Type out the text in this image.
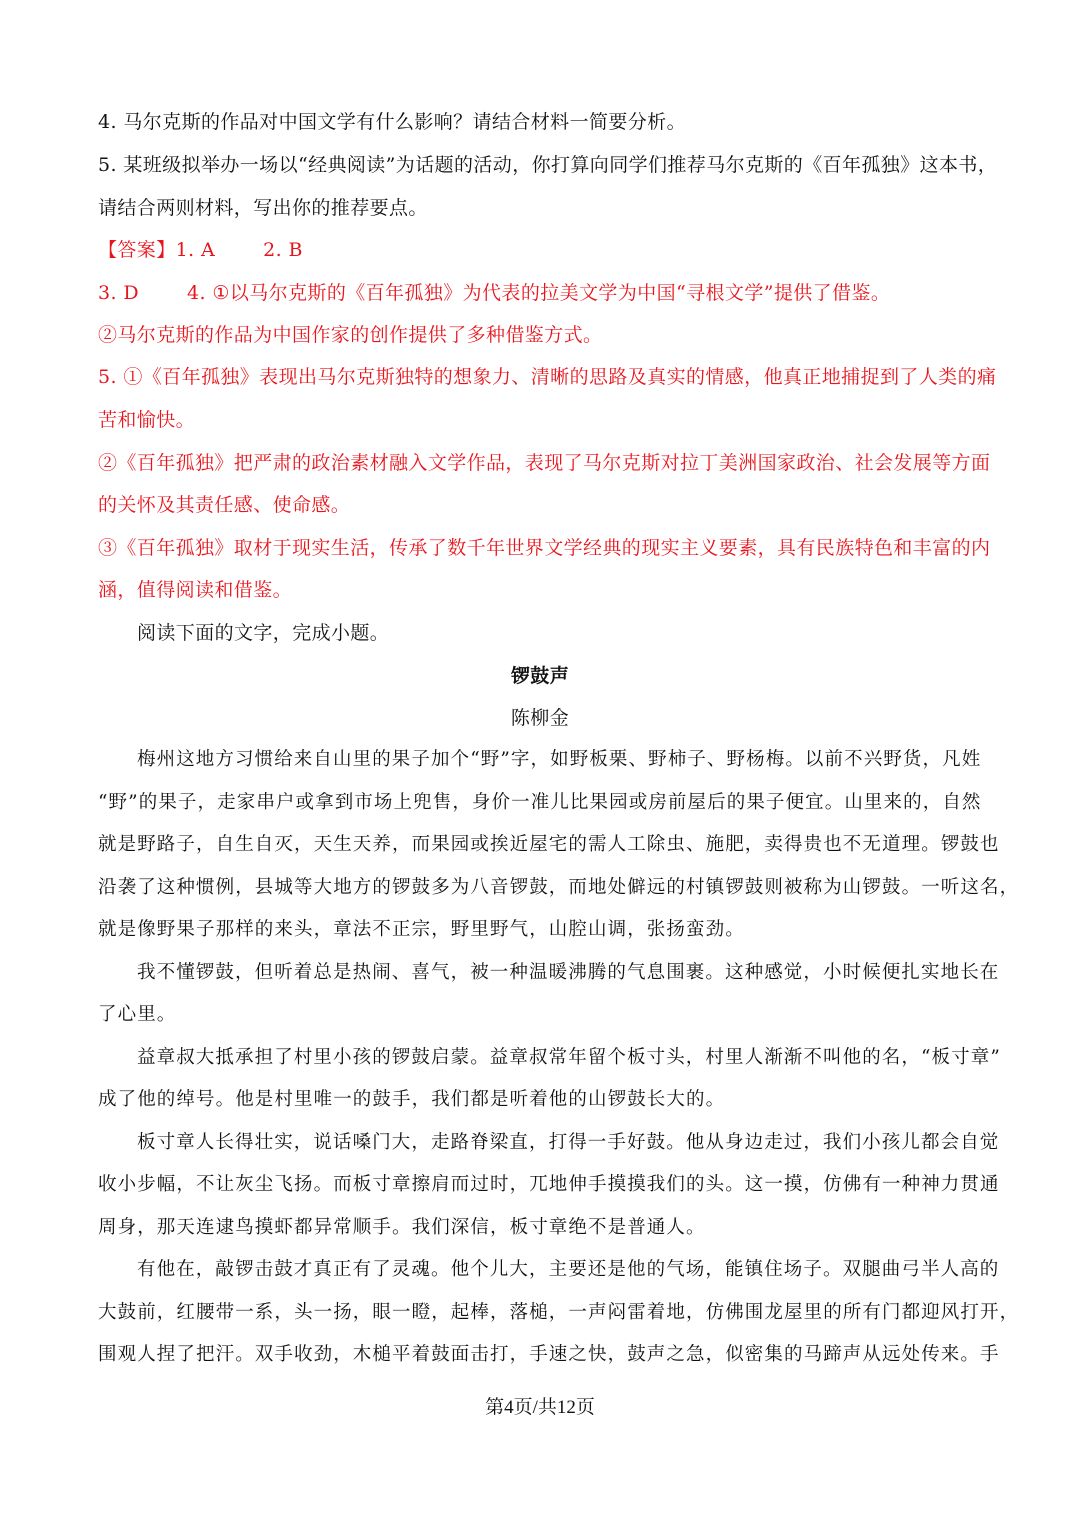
4. 马尔克斯的作品对中国文学有什么影响？请结合材料一简要分析。
5. 某班级拟举办一场以“经典阅读”为话题的活动，你打算向同学们推荐马尔克斯的《百年孤独》这本书，
请结合两则材料，写出你的推荐要点。
【答案】1. A	2. B
3. D	4. ①以马尔克斯的《百年孤独》为代表的拉美文学为中国“寻根文学”提供了借鉴。
②马尔克斯的作品为中国作家的创作提供了多种借鉴方式。
5. ①《百年孤独》表现出马尔克斯独特的想象力、清晰的思路及真实的情感，他真正地捕捉到了人类的痛
苦和愉快。
②《百年孤独》把严肃的政治素材融入文学作品，表现了马尔克斯对拉丁美洲国家政治、社会发展等方面
的关怀及其责任感、使命感。
③《百年孤独》取材于现实生活，传承了数千年世界文学经典的现实主义要素，具有民族特色和丰富的内
涵，值得阅读和借鉴。
阅读下面的文字，完成小题。
锣鼓声
陈柳金
梅州这地方习惯给来自山里的果子加个“野”字，如野板栗、野柿子、野杨梅。以前不兴野货，凡姓
“野”的果子，走家串户或拿到市场上兜售，身价一准儿比果园或房前屋后的果子便宜。山里来的，自然
就是野路子，自生自灭，天生天养，而果园或挨近屋宅的需人工除虫、施肥，卖得贵也不无道理。锣鼓也
沿袭了这种惯例，县城等大地方的锣鼓多为八音锣鼓，而地处僻远的村镇锣鼓则被称为山锣鼓。一听这名，
就是像野果子那样的来头，章法不正宗，野里野气，山腔山调，张扬蛮劲。
我不懂锣鼓，但听着总是热闹、喜气，被一种温暖沸腾的气息围裹。这种感觉，小时候便扎实地长在
了心里。
益章叔大抵承担了村里小孩的锣鼓启蒙。益章叔常年留个板寸头，村里人渐渐不叫他的名，“板寸章”
成了他的绰号。他是村里唯一的鼓手，我们都是听着他的山锣鼓长大的。
板寸章人长得壮实，说话嗓门大，走路脊梁直，打得一手好鼓。他从身边走过，我们小孩儿都会自觉
收小步幅，不让灰尘飞扬。而板寸章擦肩而过时，兀地伸手摸摸我们的头。这一摸，仿佛有一种神力贯通
周身，那天连逮鸟摸虾都异常顺手。我们深信，板寸章绝不是普通人。
有他在，敲锣击鼓才真正有了灵魂。他个儿大，主要还是他的气场，能镇住场子。双腿曲弓半人高的
大鼓前，红腰带一系，头一扬，眼一瞪，起棒，落槌，一声闷雷着地，仿佛围龙屋里的所有门都迎风打开，
围观人捏了把汗。双手收劲，木槌平着鼓面击打，手速之快，鼓声之急，似密集的马蹄声从远处传来。手
第4页/共12页
